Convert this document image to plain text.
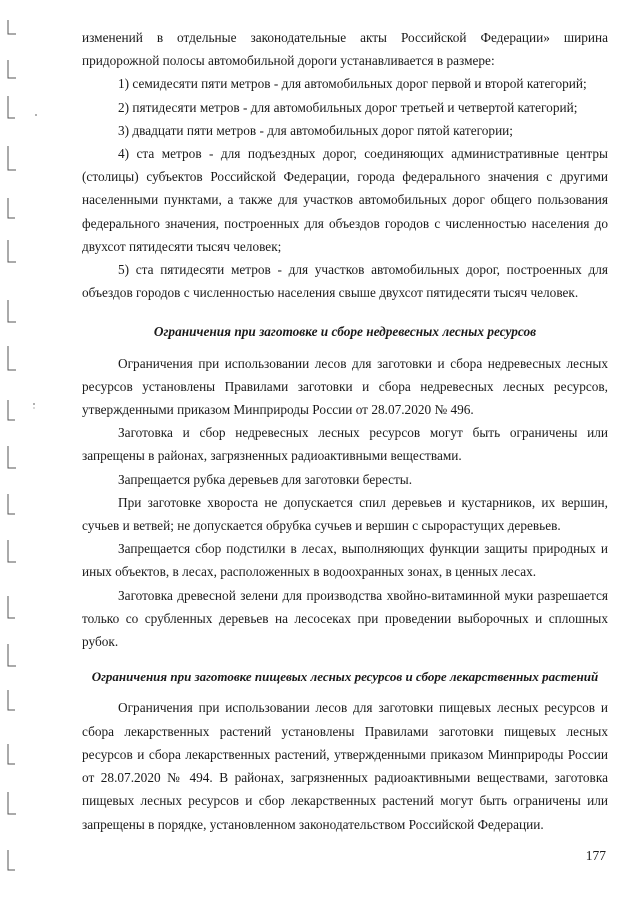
изменений в отдельные законодательные акты Российской Федерации» ширина придорожной полосы автомобильной дороги устанавливается в размере:

1) семидесяти пяти метров - для автомобильных дорог первой и второй категорий;

2) пятидесяти метров - для автомобильных дорог третьей и четвертой категорий;

3) двадцати пяти метров - для автомобильных дорог пятой категории;

4) ста метров - для подъездных дорог, соединяющих административные центры (столицы) субъектов Российской Федерации, города федерального значения с другими населенными пунктами, а также для участков автомобильных дорог общего пользования федерального значения, построенных для объездов городов с численностью населения до двухсот пятидесяти тысяч человек;

5) ста пятидесяти метров - для участков автомобильных дорог, построенных для объездов городов с численностью населения свыше двухсот пятидесяти тысяч человек.

Ограничения при заготовке и сборе недревесных лесных ресурсов

Ограничения при использовании лесов для заготовки и сбора недревесных лесных ресурсов установлены Правилами заготовки и сбора недревесных лесных ресурсов, утвержденными приказом Минприроды России от 28.07.2020 № 496.

Заготовка и сбор недревесных лесных ресурсов могут быть ограничены или запрещены в районах, загрязненных радиоактивными веществами.

Запрещается рубка деревьев для заготовки бересты.

При заготовке хвороста не допускается спил деревьев и кустарников, их вершин, сучьев и ветвей; не допускается обрубка сучьев и вершин с сырорастущих деревьев.

Запрещается сбор подстилки в лесах, выполняющих функции защиты природных и иных объектов, в лесах, расположенных в водоохранных зонах, в ценных лесах.

Заготовка древесной зелени для производства хвойно-витаминной муки разрешается только со срубленных деревьев на лесосеках при проведении выборочных и сплошных рубок.

Ограничения при заготовке пищевых лесных ресурсов и сборе лекарственных растений

Ограничения при использовании лесов для заготовки пищевых лесных ресурсов и сбора лекарственных растений установлены Правилами заготовки пищевых лесных ресурсов и сбора лекарственных растений, утвержденными приказом Минприроды России от 28.07.2020 № 494. В районах, загрязненных радиоактивными веществами, заготовка пищевых лесных ресурсов и сбор лекарственных растений могут быть ограничены или запрещены в порядке, установленном законодательством Российской Федерации.

177
